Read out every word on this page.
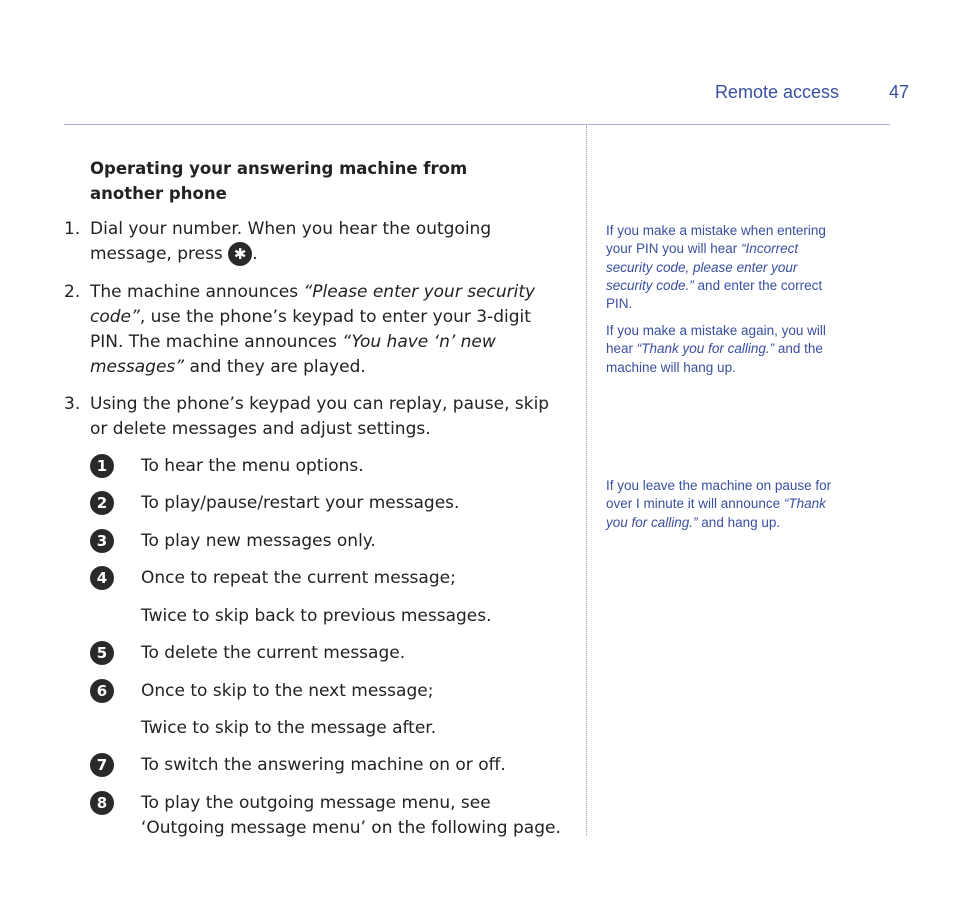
Remote access	47
Operating your answering machine from another phone
1. Dial your number. When you hear the outgoing message, press ✱ .
2. The machine announces “Please enter your security code”, use the phone’s keypad to enter your 3-digit PIN. The machine announces “You have ‘n’ new messages” and they are played.
3. Using the phone’s keypad you can replay, pause, skip or delete messages and adjust settings.
1	To hear the menu options.
2	To play/pause/restart your messages.
3	To play new messages only.
4	Once to repeat the current message;
Twice to skip back to previous messages.
5	To delete the current message.
6	Once to skip to the next message;
Twice to skip to the message after.
7	To switch the answering machine on or off.
8	To play the outgoing message menu, see ‘Outgoing message menu’ on the following page.
If you make a mistake when entering your PIN you will hear “Incorrect security code, please enter your security code.” and enter the correct PIN.
If you make a mistake again, you will hear “Thank you for calling.” and the machine will hang up.
If you leave the machine on pause for over I minute it will announce “Thank you for calling.” and hang up.
